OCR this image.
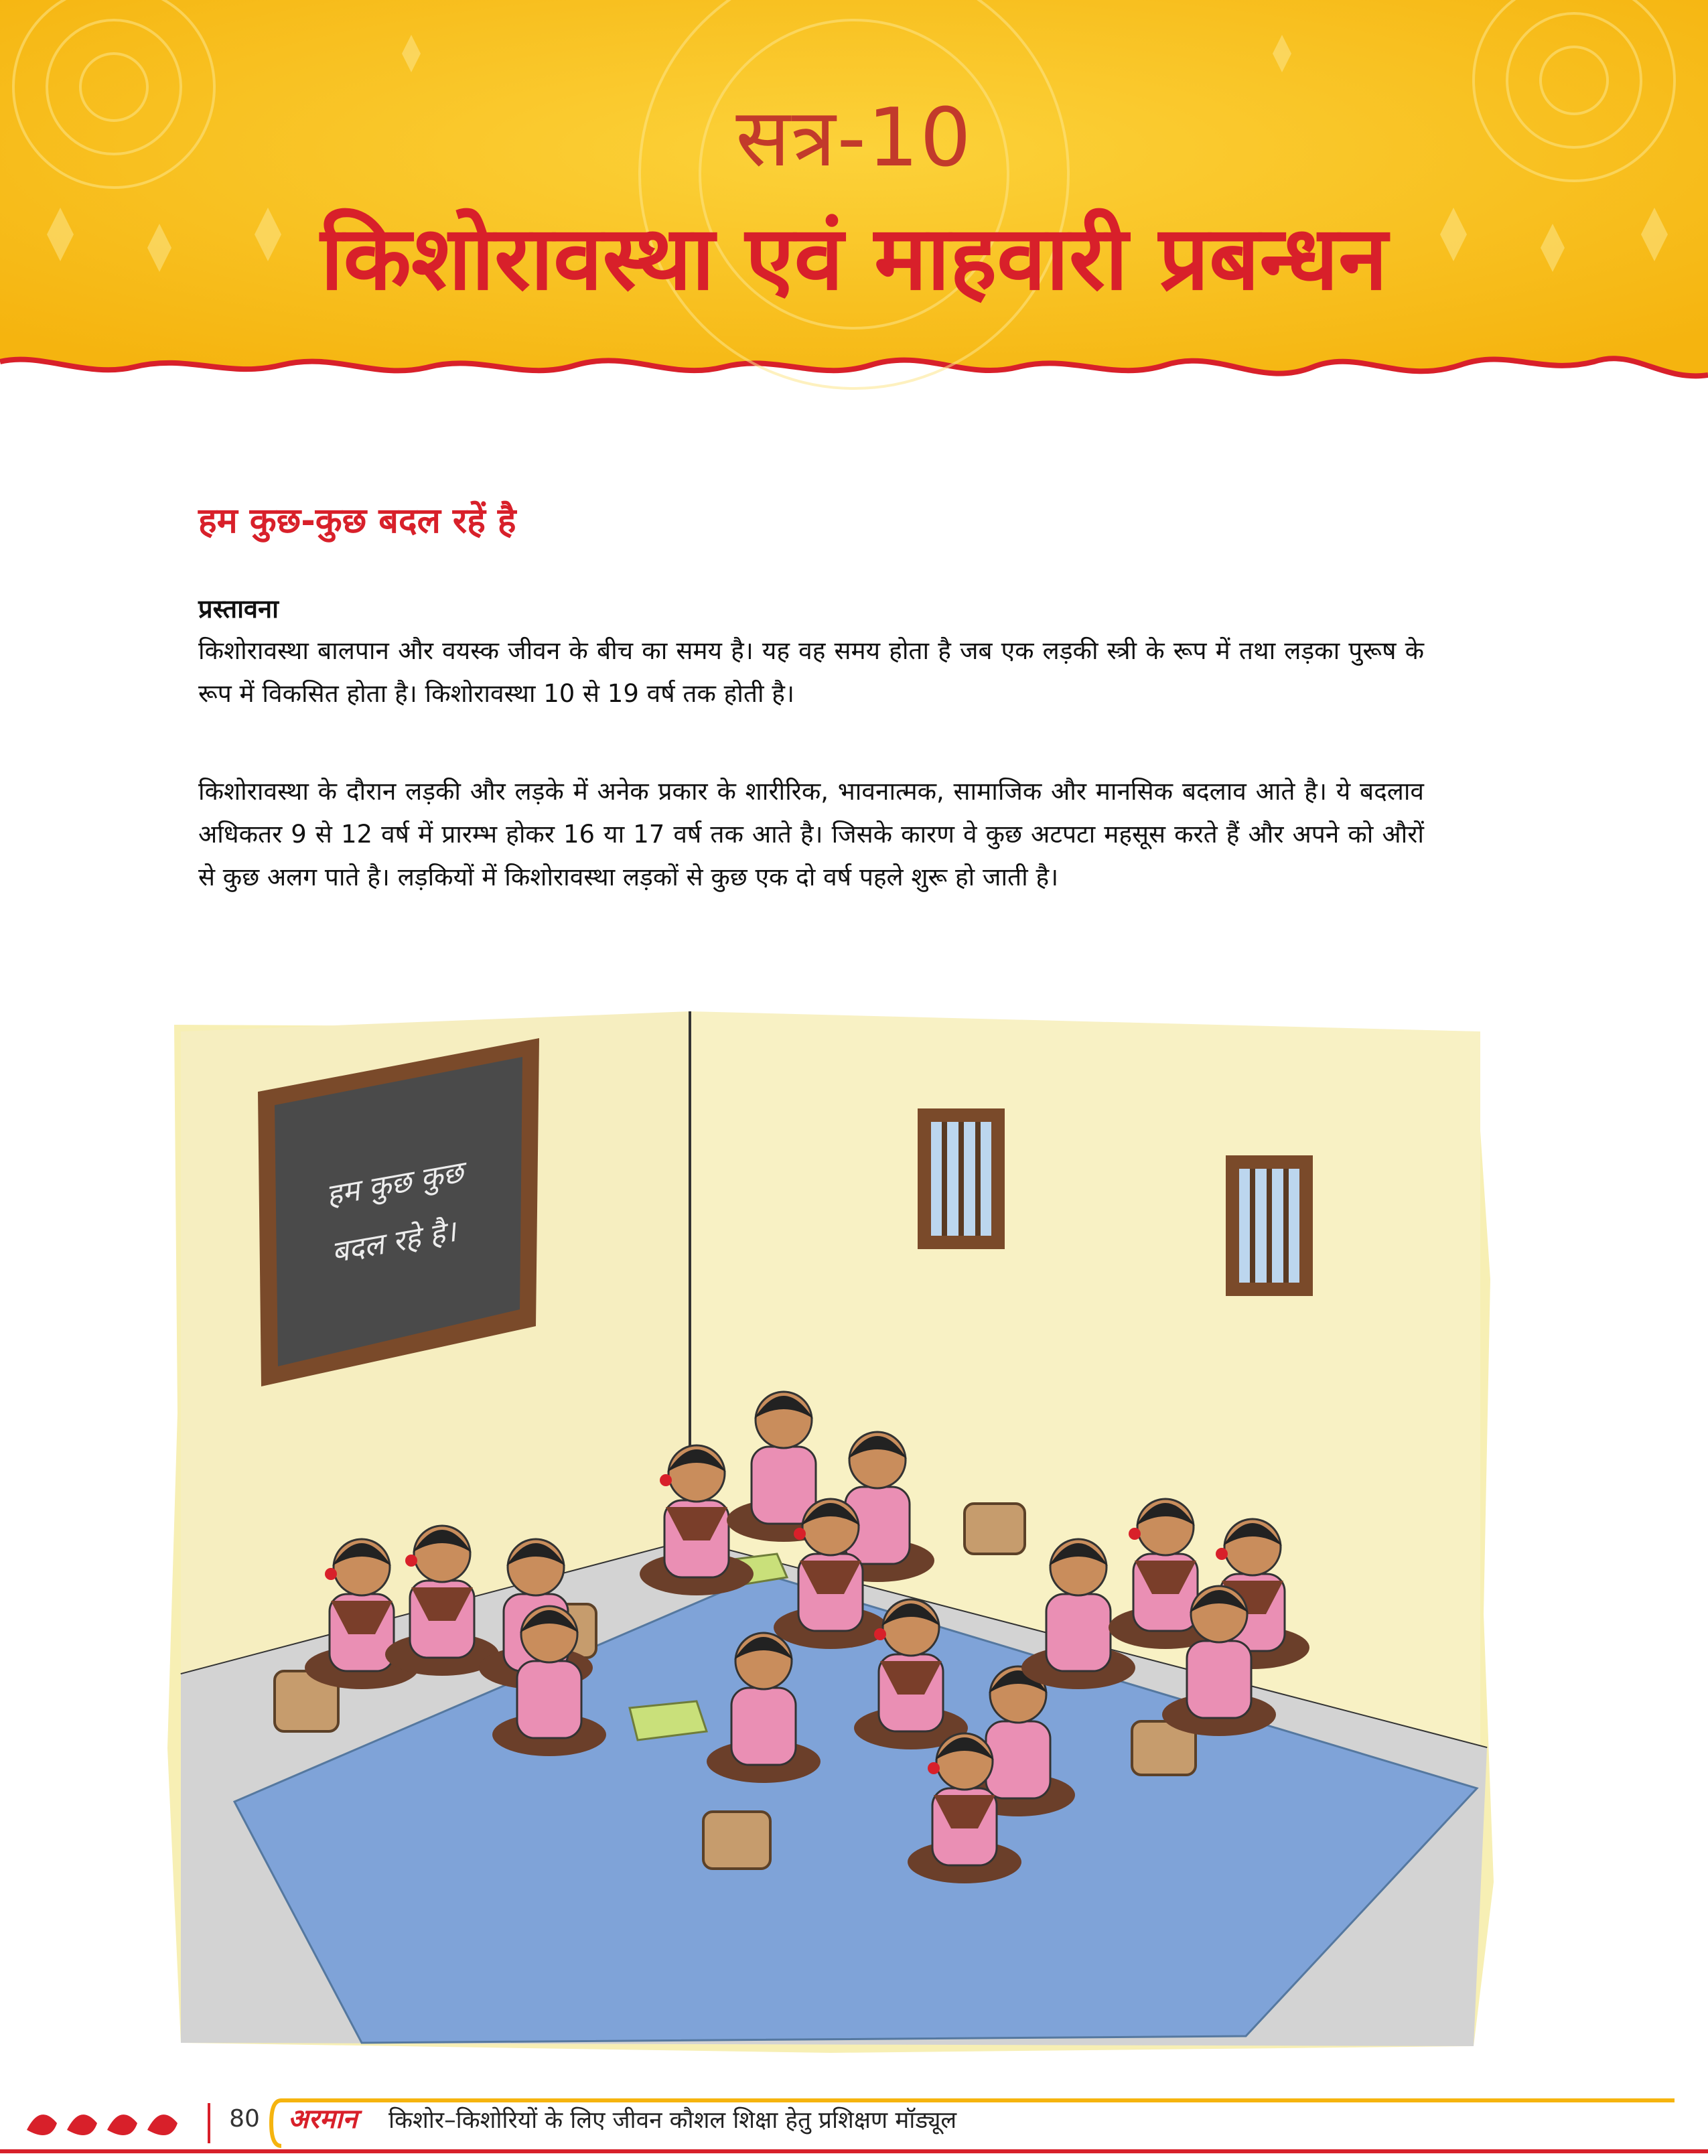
सत्र-10
किशोरावस्था एवं माहवारी प्रबन्धन
हम कुछ-कुछ बदल रहें है
प्रस्तावना
किशोरावस्था बालपान और वयस्क जीवन के बीच का समय है। यह वह समय होता है जब एक लड़की स्त्री के रूप में तथा लड़का पुरूष के रूप में विकसित होता है। किशोरावस्था 10 से 19 वर्ष तक होती है।
किशोरावस्था के दौरान लड़की और लड़के में अनेक प्रकार के शारीरिक, भावनात्मक, सामाजिक और मानसिक बदलाव आते है। ये बदलाव अधिकतर 9 से 12 वर्ष में प्रारम्भ होकर 16 या 17 वर्ष तक आते है। जिसके कारण वे कुछ अटपटा महसूस करते हैं और अपने को औरों से कुछ अलग पाते है। लड़कियों में किशोरावस्था लड़कों से कुछ एक दो वर्ष पहले शुरू हो जाती है।
हम कुछ कुछ
बदल रहे है।
80	अरमान किशोर–किशोरियों के लिए जीवन कौशल शिक्षा हेतु प्रशिक्षण मॉड्यूल
